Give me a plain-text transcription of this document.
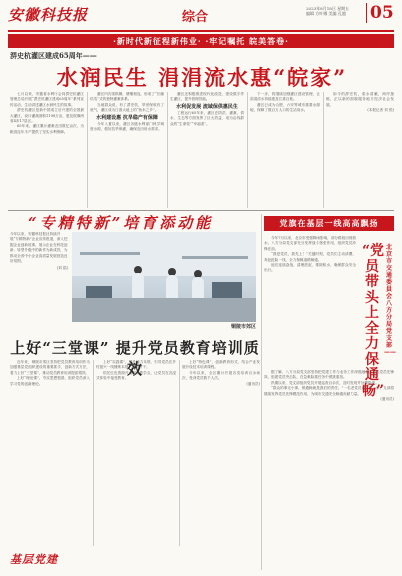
安徽科技报	综合
2023年8月18日 星期五
编辑 方叶娜 美编 孔越	05
·新时代新征程新伟业· ·牢记嘱托 皖美答卷·
淠史杭灌区建成65周年——
水润民生 涓涓流水惠“皖家”

七月以来，安徽省水利厅会同淠史杭灌区管理总局开展“淠史杭灌区建成65周年”系列宣传活动，生动讲述灌区水润民生的故事。

淠史杭灌区是新中国成立后兴建的全国最大灌区，设计灌溉面积1198万亩，惠及皖豫两省4市17县区。

65年来，灌区累计灌溉农田数亿亩次，为粮食连年丰产提供了坚实水利保障。

灌区内沟渠纵横，塘堰相连，形成了“长藤结瓜”式的独特灌溉体系。

当地群众说，有了淠史杭，旱涝保收有了底气，灌区成为江淮大地上的“鱼米之乡”。

水利建设惠 抗旱稳产有保障

今年入夏以来，灌区各级水利部门科学调度水源，做好抗旱保灌，确保农田用水需求。

灌区还积极推进现代化改造，建设数字孪生灌区，提升管理效能。

水利促发展 流域保供惠民生

工程运行65年来，灌区在防洪、灌溉、供水、生态等方面发挥了巨大效益，成为沿线群众的“生命渠”“幸福渠”。

下一步，将继续加强灌区建设管理，让涓涓清水持续惠及江淮百姓。

灌区已成为合肥、六安等城市重要水源地，保障了数百万人口的生活用水。

如今的淠史杭，渠水清澈，两岸葱郁，正以新的面貌服务地方经济社会发展。

(本报记者 刘 悦)

“专精特新”培育添动能

今年以来，安徽科技报社持续开展“专精特新”企业宣传报道，深入挖掘企业创新故事，展示企业在科技创新、转型升级中的新作为新成效，为推动全省中小企业高质量发展营造良好氛围。

(刘 铭)

铜陵市郊区
上好“三堂课” 提升党员教育培训质效

近年来，铜陵市郊区坚持把党员教育培训作为加强基层党组织建设的重要抓手，创新方式方法，着力上好“三堂课”，推动党员教育培训提质增效。

上好“理论课”，夯实思想根基，组织党员深入学习党的创新理论。

上好“实践课”，提升能力本领，引导党员在乡村振兴一线锤炼本领、增长才干。

依托红色资源开设现场教学点，让党员在沉浸式体验中接受教育。

上好“特色课”，创新教育形式，结合产业发展开设技术培训课程。

今年以来，全区累计开展各类培训百余场次，受训党员数千人次。

(通讯员)

基层党建
党旗在基层一线高高飘扬
北京市交通委員会八方分局党支部——
“党员带头上 全力保通畅”

今年7月以来，北京市受强降雨影响，部分路段出现积水。八方分局党支部充分发挥战斗堡垒作用，组织党员冲锋在前。

“我是党员，我先上！”关键时刻，党员们主动请缨，奔赴抢险一线，全力保障道路畅通。

他们连续奋战，清理淤泥、排除积水，确保群众安全出行。

据了解，八方分局党支部坚持把党建工作与业务工作深度融合，建立党员先锋岗，组建党员突击队，在急难险重任务中勇挑重担。

汛期以来，党支部组织党员开展巡查百余次，及时发现并处置隐患。

“群众的事无小事，保通畅就是我们的责任。”一名老党员说。下一步，支部将继续发挥党员先锋模范作用，为城市交通安全畅通贡献力量。

(通讯员)
